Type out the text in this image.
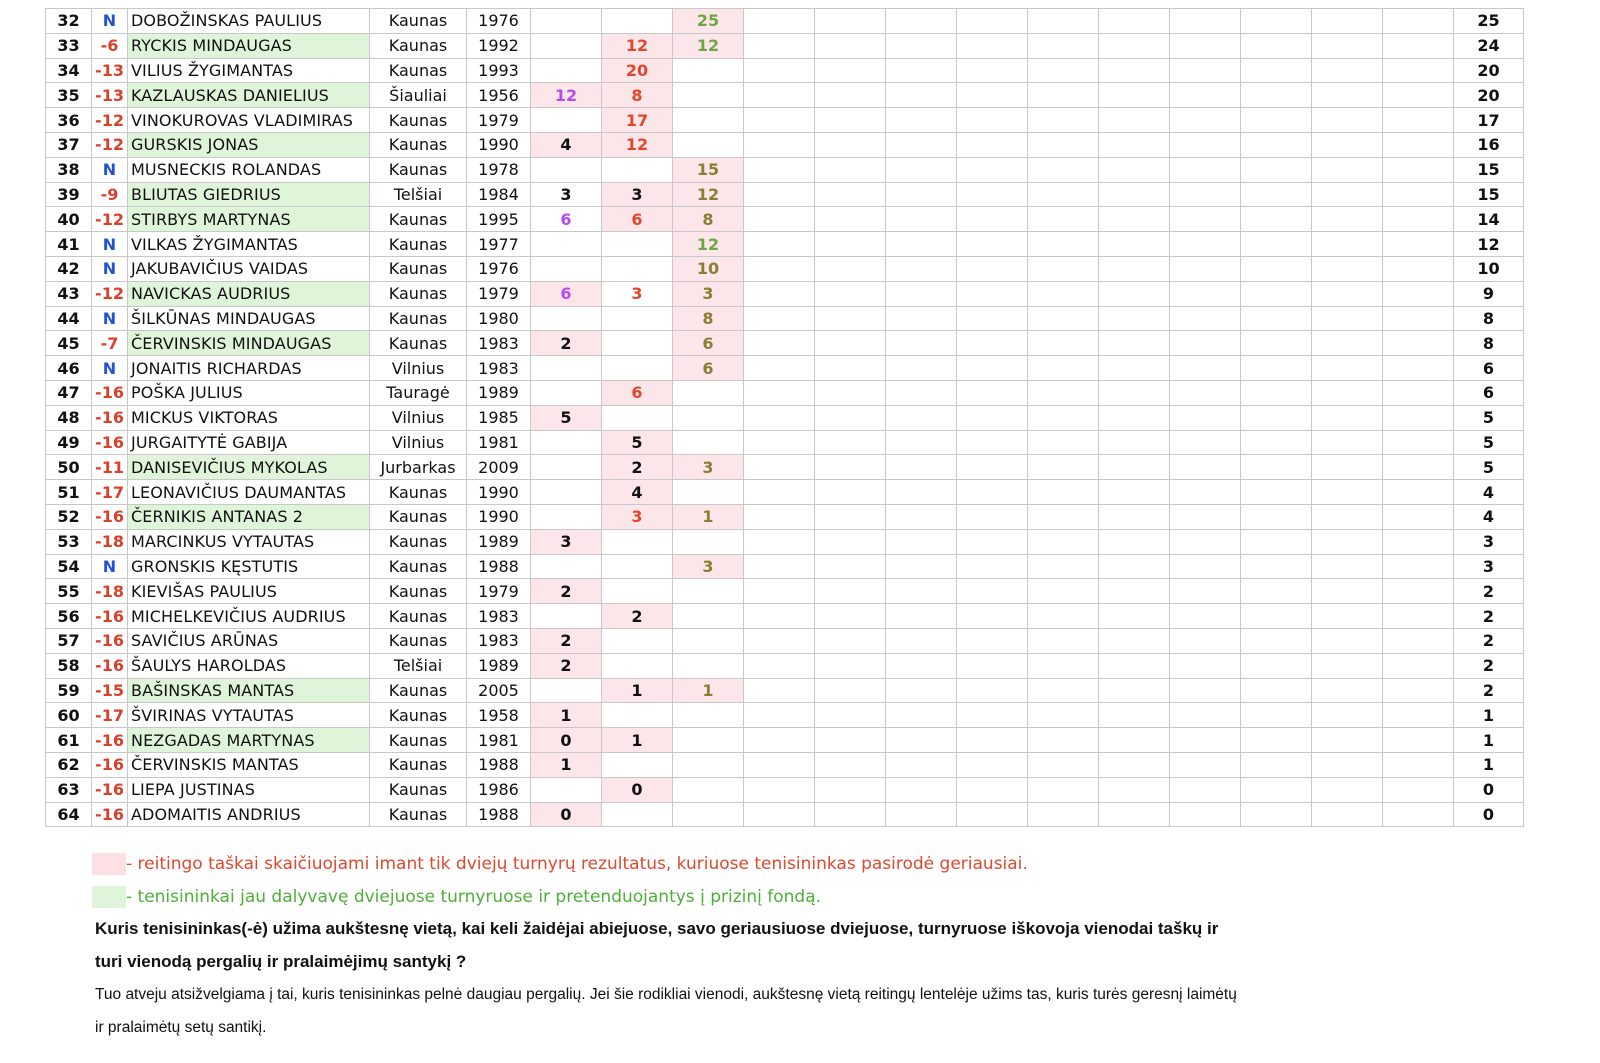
32	N	DOBOŽINSKAS PAULIUS	Kaunas	1976			25											25
33	-6	RYCKIS MINDAUGAS	Kaunas	1992		12	12											24
34	-13	VILIUS ŽYGIMANTAS	Kaunas	1993		20												20
35	-13	KAZLAUSKAS DANIELIUS	Šiauliai	1956	12	8												20
36	-12	VINOKUROVAS VLADIMIRAS	Kaunas	1979		17												17
37	-12	GURSKIS JONAS	Kaunas	1990	4	12												16
38	N	MUSNECKIS ROLANDAS	Kaunas	1978			15											15
39	-9	BLIUTAS GIEDRIUS	Telšiai	1984	3	3	12											15
40	-12	STIRBYS MARTYNAS	Kaunas	1995	6	6	8											14
41	N	VILKAS ŽYGIMANTAS	Kaunas	1977			12											12
42	N	JAKUBAVIČIUS VAIDAS	Kaunas	1976			10											10
43	-12	NAVICKAS AUDRIUS	Kaunas	1979	6	3	3											9
44	N	ŠILKŪNAS MINDAUGAS	Kaunas	1980			8											8
45	-7	ČERVINSKIS MINDAUGAS	Kaunas	1983	2		6											8
46	N	JONAITIS RICHARDAS	Vilnius	1983			6											6
47	-16	POŠKA JULIUS	Tauragė	1989		6												6
48	-16	MICKUS VIKTORAS	Vilnius	1985	5													5
49	-16	JURGAITYTĖ GABIJA	Vilnius	1981		5												5
50	-11	DANISEVIČIUS MYKOLAS	Jurbarkas	2009		2	3											5
51	-17	LEONAVIČIUS DAUMANTAS	Kaunas	1990		4												4
52	-16	ČERNIKIS ANTANAS 2	Kaunas	1990		3	1											4
53	-18	MARCINKUS VYTAUTAS	Kaunas	1989	3													3
54	N	GRONSKIS KĘSTUTIS	Kaunas	1988			3											3
55	-18	KIEVIŠAS PAULIUS	Kaunas	1979	2													2
56	-16	MICHELKEVIČIUS AUDRIUS	Kaunas	1983		2												2
57	-16	SAVIČIUS ARŪNAS	Kaunas	1983	2													2
58	-16	ŠAULYS HAROLDAS	Telšiai	1989	2													2
59	-15	BAŠINSKAS MANTAS	Kaunas	2005		1	1											2
60	-17	ŠVIRINAS VYTAUTAS	Kaunas	1958	1													1
61	-16	NEZGADAS MARTYNAS	Kaunas	1981	0	1												1
62	-16	ČERVINSKIS MANTAS	Kaunas	1988	1													1
63	-16	LIEPA JUSTINAS	Kaunas	1986		0												0
64	-16	ADOMAITIS ANDRIUS	Kaunas	1988	0													0
- reitingo taškai skaičiuojami imant tik dviejų turnyrų rezultatus, kuriuose tenisininkas pasirodė geriausiai.
- tenisininkai jau dalyvavę dviejuose turnyruose ir pretenduojantys į prizinį fondą.
Kuris tenisininkas(-ė) užima aukštesnę vietą, kai keli žaidėjai abiejuose, savo geriausiuose dviejuose, turnyruose iškovoja vienodai taškų ir turi vienodą pergalių ir pralaimėjimų santykį ?
Tuo atveju atsižvelgiama į tai, kuris tenisininkas pelnė daugiau pergalių. Jei šie rodikliai vienodi, aukštesnę vietą reitingų lentelėje užims tas, kuris turės geresnį laimėtų ir pralaimėtų setų santikį.
